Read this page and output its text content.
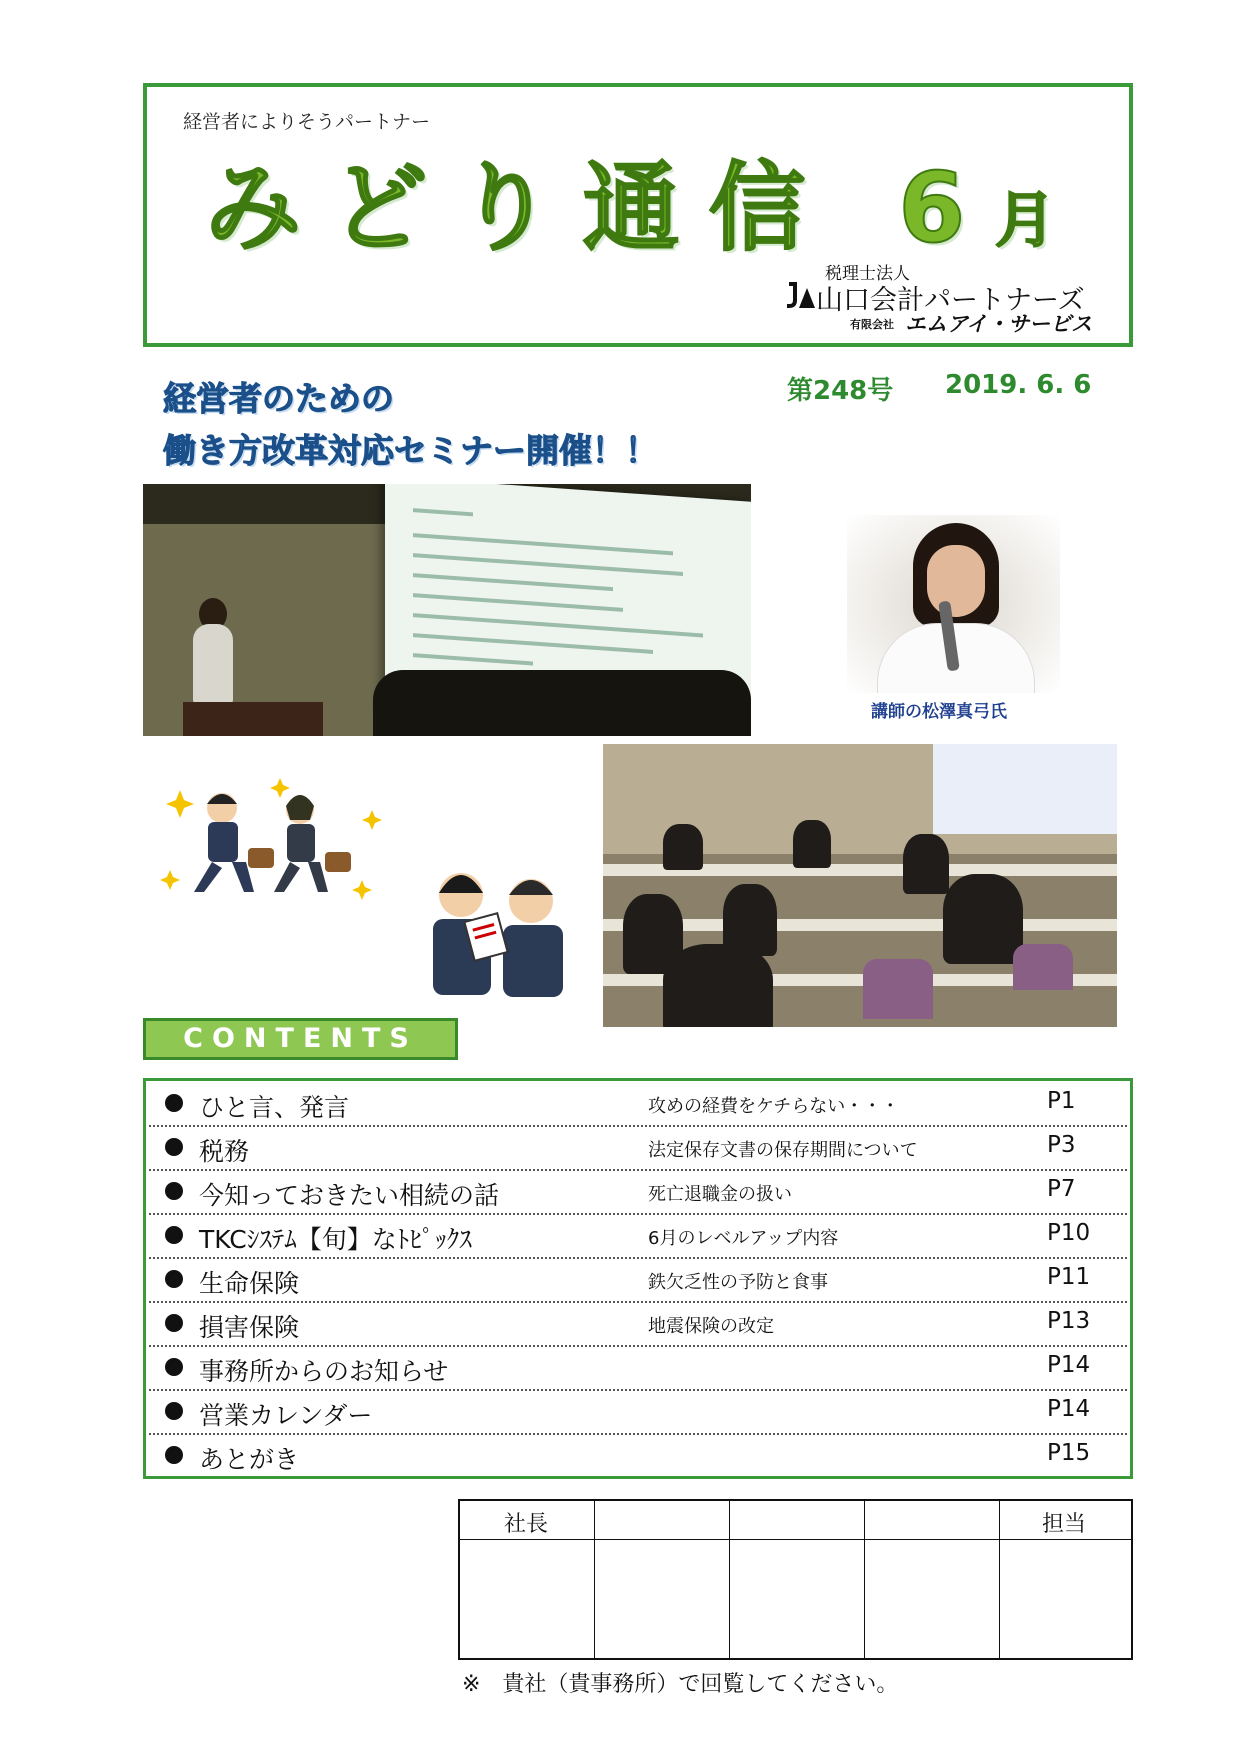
経営者によりそうパートナー
みどり通信 6月
税理士法人
山口会計パートナーズ
有限会社 エムアイ・サービス
経営者のための
働き方改革対応セミナー開催！！
第248号 2019. 6. 6
講師の松澤真弓氏
CONTENTS
ひと言、発言	攻めの経費をケチらない・・・	P1
税務	法定保存文書の保存期間について	P3
今知っておきたい相続の話	死亡退職金の扱い	P7
TKCｼｽﾃﾑ【旬】なﾄﾋﾟｯｸｽ	6月のレベルアップ内容	P10
生命保険	鉄欠乏性の予防と食事	P11
損害保険	地震保険の改定	P13
事務所からのお知らせ	P14
営業カレンダー	P14
あとがき	P15
社長	担当
※　貴社（貴事務所）で回覧してください。
